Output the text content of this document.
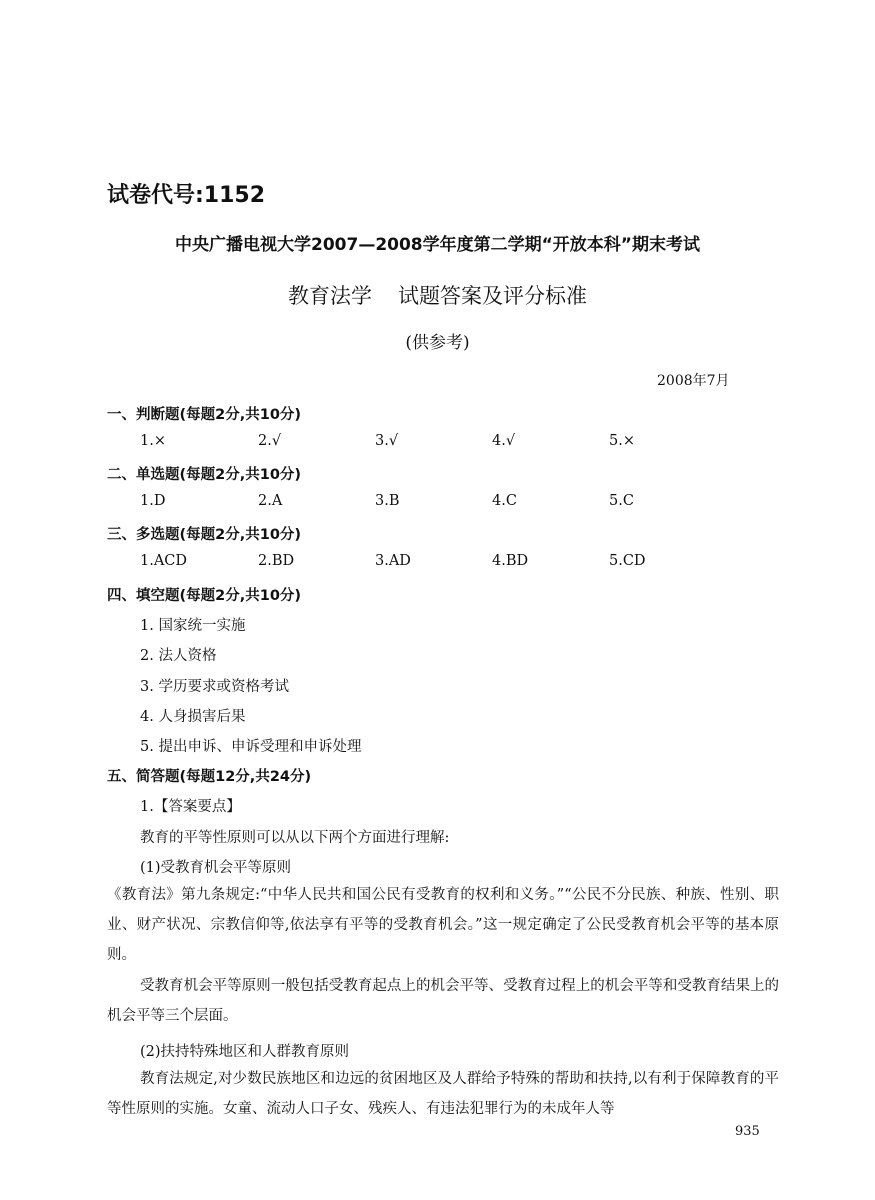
试卷代号:1152
中央广播电视大学2007—2008学年度第二学期“开放本科”期末考试
教育法学 试题答案及评分标准
(供参考)
2008年7月
一、判断题(每题2分,共10分)
1.×	2.√	3.√	4.√	5.×
二、单选题(每题2分,共10分)
1.D	2.A	3.B	4.C	5.C
三、多选题(每题2分,共10分)
1.ACD	2.BD	3.AD	4.BD	5.CD
四、填空题(每题2分,共10分)
1. 国家统一实施
2. 法人资格
3. 学历要求或资格考试
4. 人身损害后果
5. 提出申诉、申诉受理和申诉处理
五、简答题(每题12分,共24分)
1.【答案要点】
教育的平等性原则可以从以下两个方面进行理解:
(1)受教育机会平等原则
《教育法》第九条规定:“中华人民共和国公民有受教育的权利和义务。”“公民不分民族、种族、性别、职业、财产状况、宗教信仰等,依法享有平等的受教育机会。”这一规定确定了公民受教育机会平等的基本原则。
受教育机会平等原则一般包括受教育起点上的机会平等、受教育过程上的机会平等和受教育结果上的机会平等三个层面。
(2)扶持特殊地区和人群教育原则
教育法规定,对少数民族地区和边远的贫困地区及人群给予特殊的帮助和扶持,以有利于保障教育的平等性原则的实施。女童、流动人口子女、残疾人、有违法犯罪行为的未成年人等
935
